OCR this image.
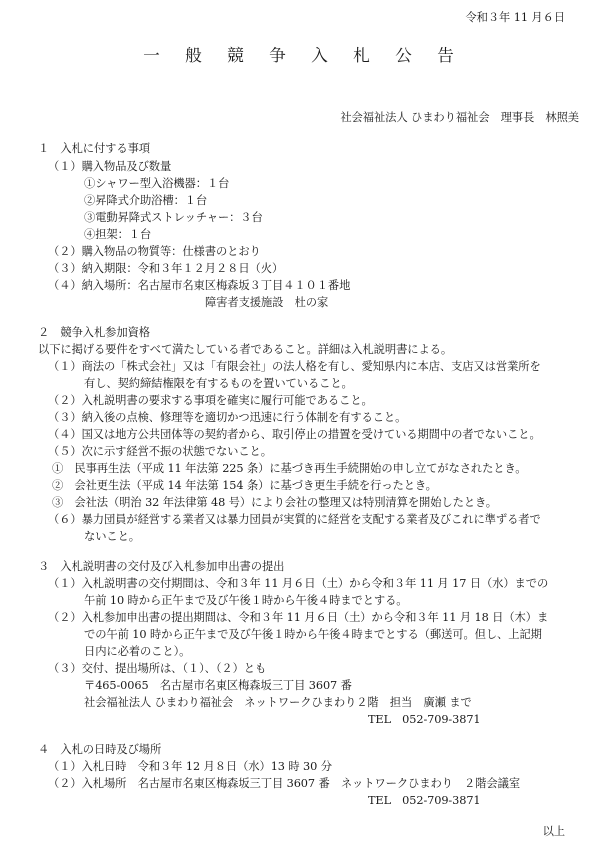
令和３年 11 月６日
一 般 競 争 入 札 公 告
社会福祉法人 ひまわり福祉会　理事長　林照美
１　入札に付する事項
（１）購入物品及び数量
①シャワー型入浴機器：１台
②昇降式介助浴槽：１台
③電動昇降式ストレッチャー：３台
④担架：１台
（２）購入物品の物質等：仕様書のとおり
（３）納入期限：令和３年１２月２８日（火）
（４）納入場所：名古屋市名東区梅森坂３丁目４１０１番地
障害者支援施設　杜の家
２　競争入札参加資格
以下に掲げる要件をすべて満たしている者であること。詳細は入札説明書による。
（１）商法の「株式会社」又は「有限会社」の法人格を有し、愛知県内に本店、支店又は営業所を
有し、契約締結権限を有するものを置いていること。
（２）入札説明書の要求する事項を確実に履行可能であること。
（３）納入後の点検、修理等を適切かつ迅速に行う体制を有すること。
（４）国又は地方公共団体等の契約者から、取引停止の措置を受けている期間中の者でないこと。
（５）次に示す経営不振の状態でないこと。
①　民事再生法（平成 11 年法第 225 条）に基づき再生手続開始の申し立てがなされたとき。
②　会社更生法（平成 14 年法第 154 条）に基づき更生手続を行ったとき。
③　会社法（明治 32 年法律第 48 号）により会社の整理又は特別清算を開始したとき。
（６）暴力団員が経営する業者又は暴力団員が実質的に経営を支配する業者及びこれに準ずる者で
ないこと。
３　入札説明書の交付及び入札参加申出書の提出
（１）入札説明書の交付期間は、令和３年 11 月６日（土）から令和３年 11 月 17 日（水）までの
午前 10 時から正午まで及び午後１時から午後４時までとする。
（２）入札参加申出書の提出期間は、令和３年 11 月６日（土）から令和３年 11 月 18 日（木）ま
での午前 10 時から正午まで及び午後１時から午後４時までとする（郵送可。但し、上記期
日内に必着のこと）。
（３）交付、提出場所は、（１）、（２）とも
〒465-0065　名古屋市名東区梅森坂三丁目 3607 番
社会福祉法人 ひまわり福祉会　ネットワークひまわり２階　担当　廣瀬 まで
TEL　052-709-3871
４　入札の日時及び場所
（１）入札日時　令和３年 12 月８日（水）13 時 30 分
（２）入札場所　名古屋市名東区梅森坂三丁目 3607 番　ネットワークひまわり　２階会議室
TEL　052-709-3871
以上
